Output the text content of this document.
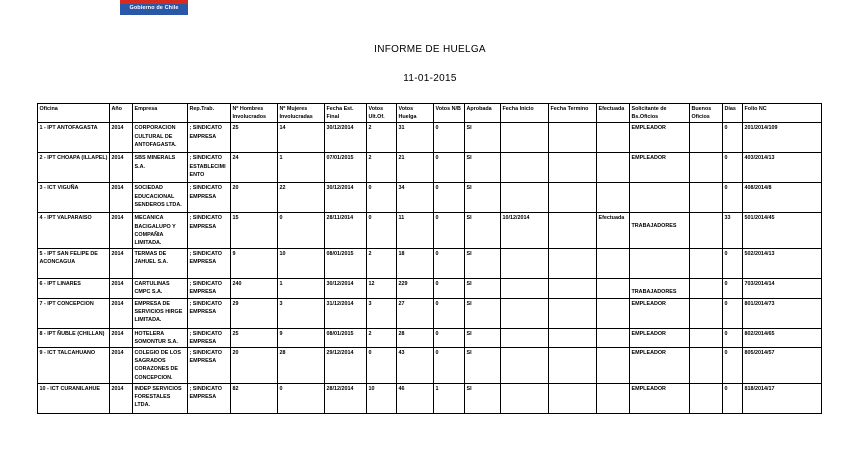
Gobierno de Chile
INFORME DE HUELGA
11-01-2015
Oficina	Año	Empresa	Rep.Trab.	Nº Hombres Involucrados	Nº Mujeres Involucradas	Fecha Est. Final	Votos Ult.Of.	Votos Huelga	Votos N/B	Aprobada	Fecha Inicio	Fecha Termino	Efectuada	Solicitante de Bs.Oficios	Buenos Oficios	Días	Folio NC
1 - IPT ANTOFAGASTA	2014	CORPORACION CULTURAL DE ANTOFAGASTA.	; SINDICATO EMPRESA	25	14	30/12/2014	2	31	0	SI				EMPLEADOR		0	201/2014/109
2 - IPT CHOAPA (ILLAPEL)	2014	SBS MINERALS S.A.	; SINDICATO ESTABLECIMIENTO	24	1	07/01/2015	2	21	0	SI				EMPLEADOR		0	403/2014/13
3 - ICT VIGUÑA	2014	SOCIEDAD EDUCACIONAL SENDEROS LTDA.	; SINDICATO EMPRESA	20	22	30/12/2014	0	34	0	SI						0	408/2014/8
4 - IPT VALPARAISO	2014	MECANICA BACIGALUPO Y COMPAÑIA LIMITADA.	; SINDICATO EMPRESA	15	0	28/11/2014	0	11	0	SI	10/12/2014		Efectuada	TRABAJADORES		33	501/2014/45
5 - IPT SAN FELIPE DE ACONCAGUA	2014	TERMAS DE JAHUEL S.A.	; SINDICATO EMPRESA	9	10	08/01/2015	2	18	0	SI						0	502/2014/13
6 - IPT LINARES	2014	CARTULINAS CMPC S.A.	; SINDICATO EMPRESA	240	1	30/12/2014	12	229	0	SI				TRABAJADORES		0	703/2014/14
7 - IPT CONCEPCION	2014	EMPRESA DE SERVICIOS HIRGE LIMITADA.	; SINDICATO EMPRESA	29	3	31/12/2014	3	27	0	SI				EMPLEADOR		0	801/2014/73
8 - IPT ÑUBLE (CHILLAN)	2014	HOTELERA SOMONTUR S.A.	; SINDICATO EMPRESA	25	9	08/01/2015	2	28	0	SI				EMPLEADOR		0	802/2014/65
9 - ICT TALCAHUANO	2014	COLEGIO DE LOS SAGRADOS CORAZONES DE CONCEPCION.	; SINDICATO EMPRESA	20	28	29/12/2014	0	43	0	SI				EMPLEADOR		0	805/2014/57
10 - ICT CURANILAHUE	2014	INDEP SERVICIOS FORESTALES LTDA.	; SINDICATO EMPRESA	82	0	28/12/2014	10	46	1	SI				EMPLEADOR		0	818/2014/17
